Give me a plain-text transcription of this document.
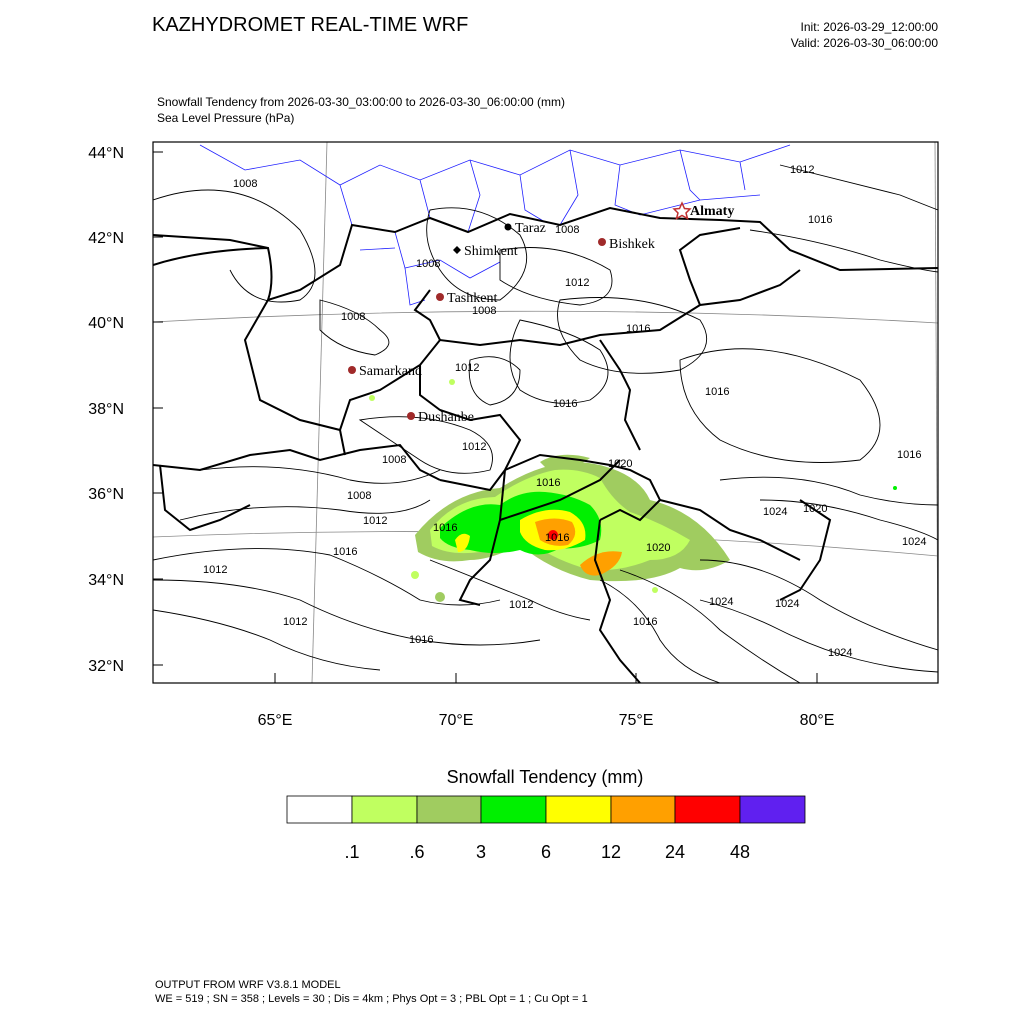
KAZHYDROMET REAL-TIME WRF	Init: 2026-03-29_12:00:00
Valid: 2026-03-30_06:00:00
Snowfall Tendency from 2026-03-30_03:00:00 to 2026-03-30_06:00:00 (mm)
Sea Level Pressure (hPa)
44°N
42°N
40°N
38°N
36°N
34°N
32°N
65°E	70°E	75°E	80°E
1008
1008
1008
1008	1008
1008
1008
1012
1012
1012
1012
1012
1012
1012
1012
1016
1016
1016
1016
1016
1016
1016
1016
1016
1016
1016
1020
1020
1020
1024
1024
1024	1024
1024
Almaty
Bishkek
Taraz
Shimkent
Tashkent
Samarkand
Dushanbe
Snowfall Tendency (mm)
.1	.6	3	6	12 24 48
OUTPUT FROM WRF V3.8.1 MODEL
WE = 519 ; SN = 358 ; Levels = 30 ; Dis = 4km ; Phys Opt = 3 ; PBL Opt = 1 ; Cu Opt = 1
